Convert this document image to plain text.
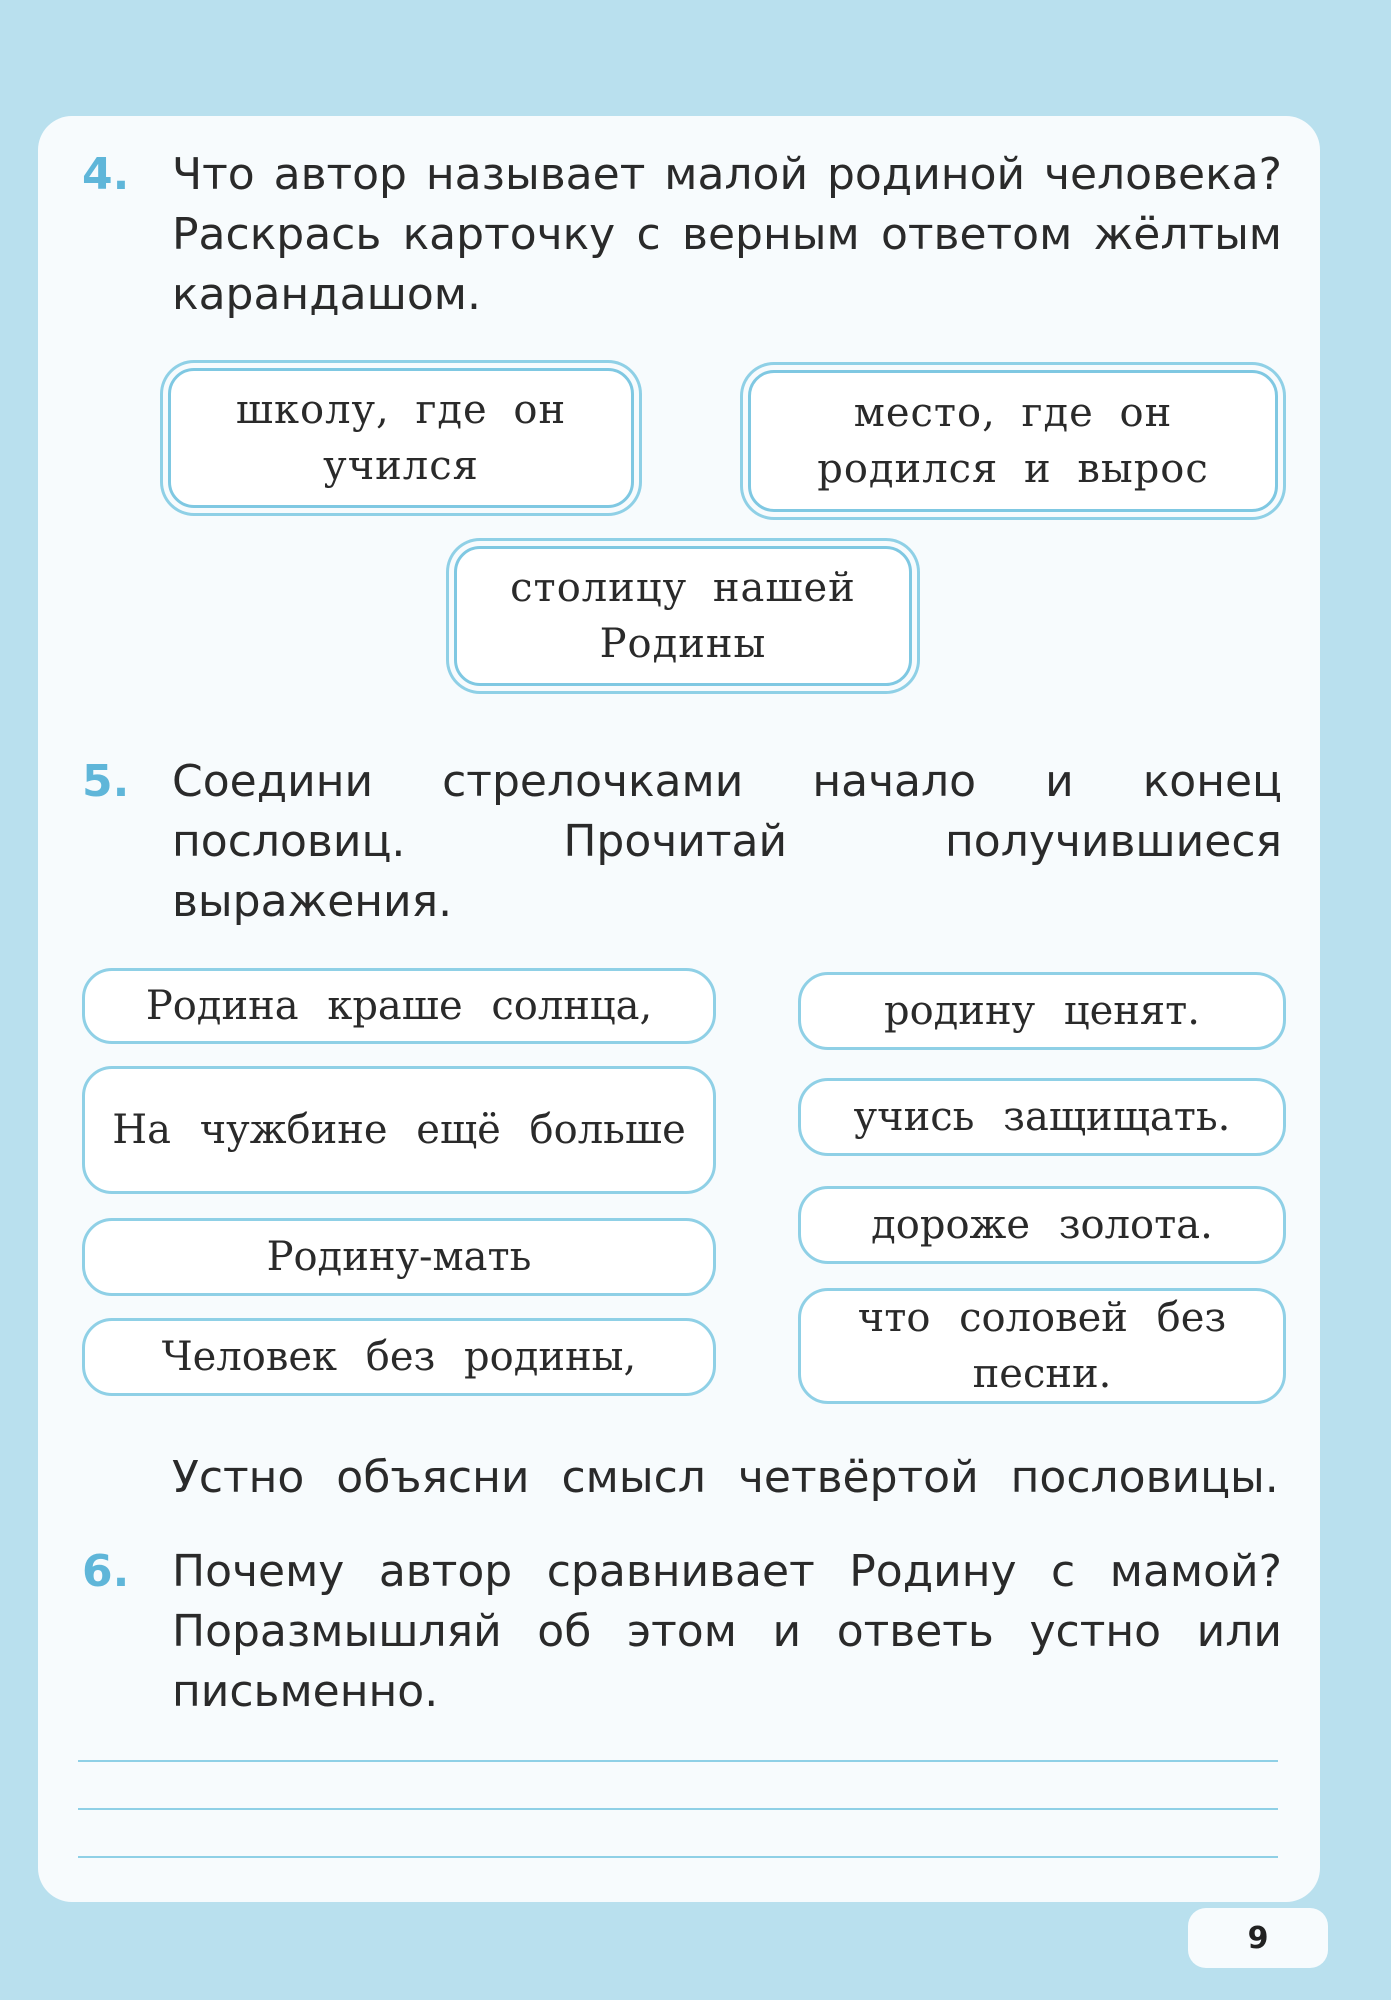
4. Что автор называет малой родиной человека? Раскрась карточку с верным ответом жёлтым карандашом.
школу, где он учился
место, где он родился и вырос
столицу нашей Родины
5. Соедини стрелочками начало и конец пословиц. Прочитай получившиеся выражения.
Родина краше солнца,
На чужбине ещё больше
Родину-мать
Человек без родины,
родину ценят.
учись защищать.
дороже золота.
что соловей без песни.
Устно объясни смысл четвёртой пословицы.
6. Почему автор сравнивает Родину с мамой? Поразмышляй об этом и ответь устно или письменно.
9
